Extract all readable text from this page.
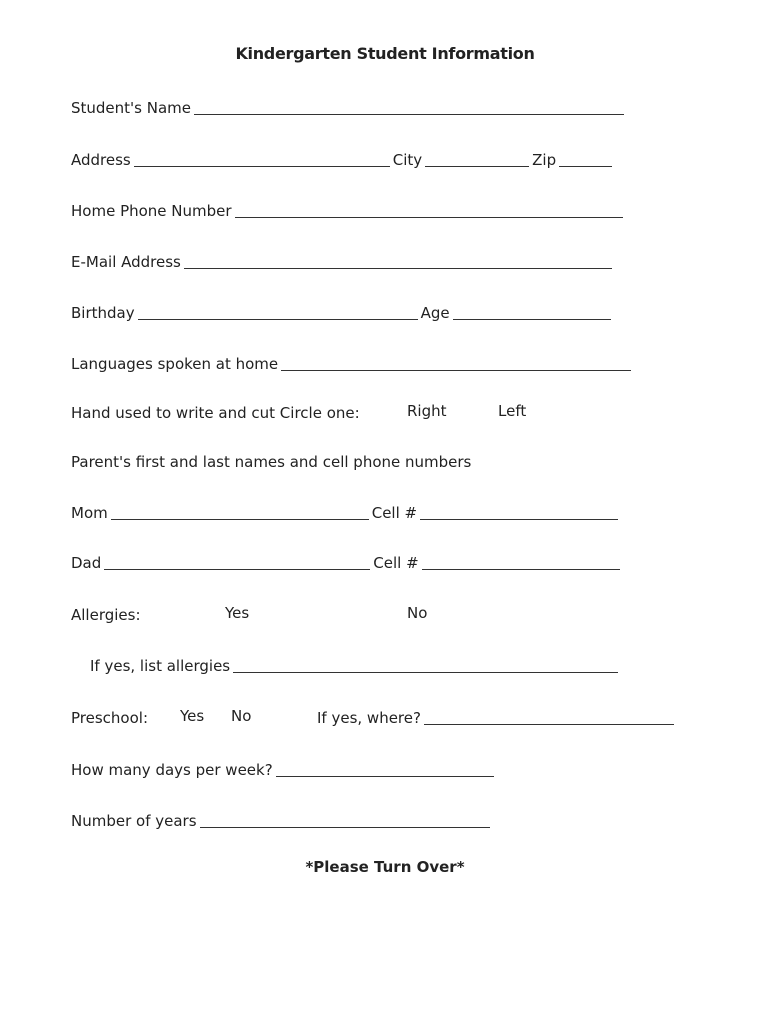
Kindergarten Student Information
Student's Name
Address	City	Zip
Home Phone Number
E-Mail Address
Birthday	Age
Languages spoken at home
Hand used to write and cut Circle one:	Right	Left
Parent's first and last names and cell phone numbers
Mom	Cell #
Dad	Cell #
Allergies:	Yes	No
If yes, list allergies
Preschool: Yes No	If yes, where?
How many days per week?
Number of years
*Please Turn Over*
